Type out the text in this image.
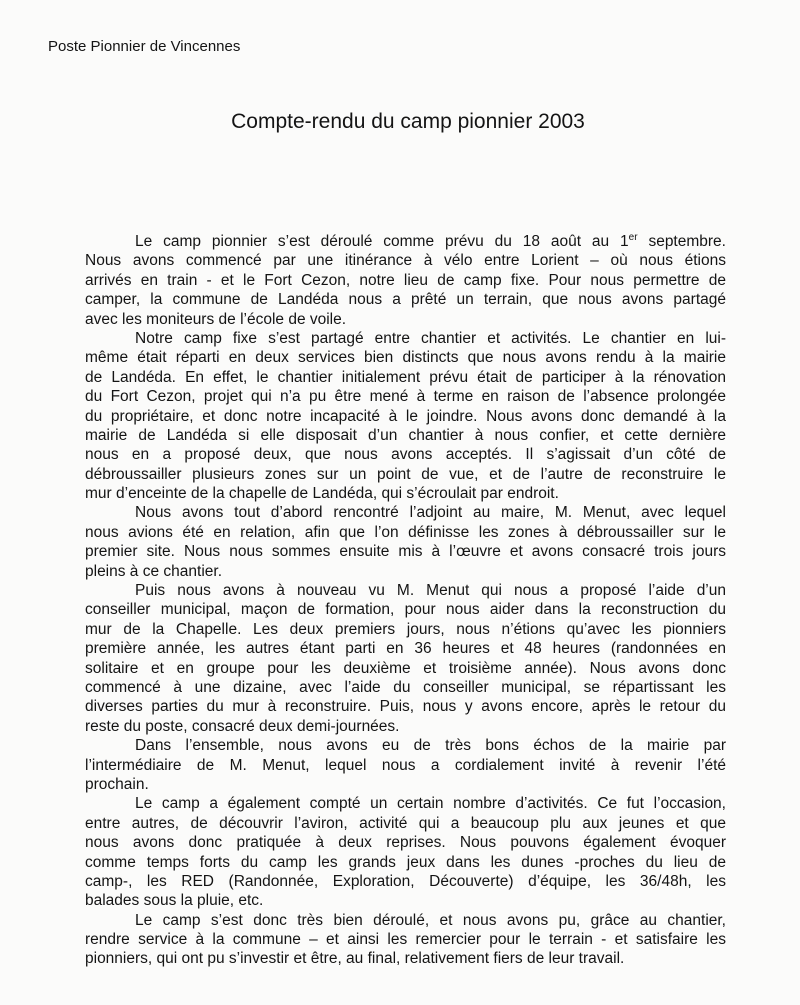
Poste Pionnier de Vincennes
Compte-rendu du camp pionnier 2003
Le camp pionnier s’est déroulé comme prévu du 18 août au 1er septembre.
Nous avons commencé par une itinérance à vélo entre Lorient – où nous étions
arrivés en train - et le Fort Cezon, notre lieu de camp fixe. Pour nous permettre de
camper, la commune de Landéda nous a prêté un terrain, que nous avons partagé
avec les moniteurs de l’école de voile.
Notre camp fixe s’est partagé entre chantier et activités. Le chantier en lui-
même était réparti en deux services bien distincts que nous avons rendu à la mairie
de Landéda. En effet, le chantier initialement prévu était de participer à la rénovation
du Fort Cezon, projet qui n’a pu être mené à terme en raison de l’absence prolongée
du propriétaire, et donc notre incapacité à le joindre. Nous avons donc demandé à la
mairie de Landéda si elle disposait d’un chantier à nous confier, et cette dernière
nous en a proposé deux, que nous avons acceptés. Il s’agissait d’un côté de
débroussailler plusieurs zones sur un point de vue, et de l’autre de reconstruire le
mur d’enceinte de la chapelle de Landéda, qui s’écroulait par endroit.
Nous avons tout d’abord rencontré l’adjoint au maire, M. Menut, avec lequel
nous avions été en relation, afin que l’on définisse les zones à débroussailler sur le
premier site. Nous nous sommes ensuite mis à l’œuvre et avons consacré trois jours
pleins à ce chantier.
Puis nous avons à nouveau vu M. Menut qui nous a proposé l’aide d’un
conseiller municipal, maçon de formation, pour nous aider dans la reconstruction du
mur de la Chapelle. Les deux premiers jours, nous n’étions qu’avec les pionniers
première année, les autres étant parti en 36 heures et 48 heures (randonnées en
solitaire et en groupe pour les deuxième et troisième année). Nous avons donc
commencé à une dizaine, avec l’aide du conseiller municipal, se répartissant les
diverses parties du mur à reconstruire. Puis, nous y avons encore, après le retour du
reste du poste, consacré deux demi-journées.
Dans l’ensemble, nous avons eu de très bons échos de la mairie par
l’intermédiaire de M. Menut, lequel nous a cordialement invité à revenir l’été
prochain.
Le camp a également compté un certain nombre d’activités. Ce fut l’occasion,
entre autres, de découvrir l’aviron, activité qui a beaucoup plu aux jeunes et que
nous avons donc pratiquée à deux reprises. Nous pouvons également évoquer
comme temps forts du camp les grands jeux dans les dunes -proches du lieu de
camp-, les RED (Randonnée, Exploration, Découverte) d’équipe, les 36/48h, les
balades sous la pluie, etc.
Le camp s’est donc très bien déroulé, et nous avons pu, grâce au chantier,
rendre service à la commune – et ainsi les remercier pour le terrain - et satisfaire les
pionniers, qui ont pu s’investir et être, au final, relativement fiers de leur travail.
